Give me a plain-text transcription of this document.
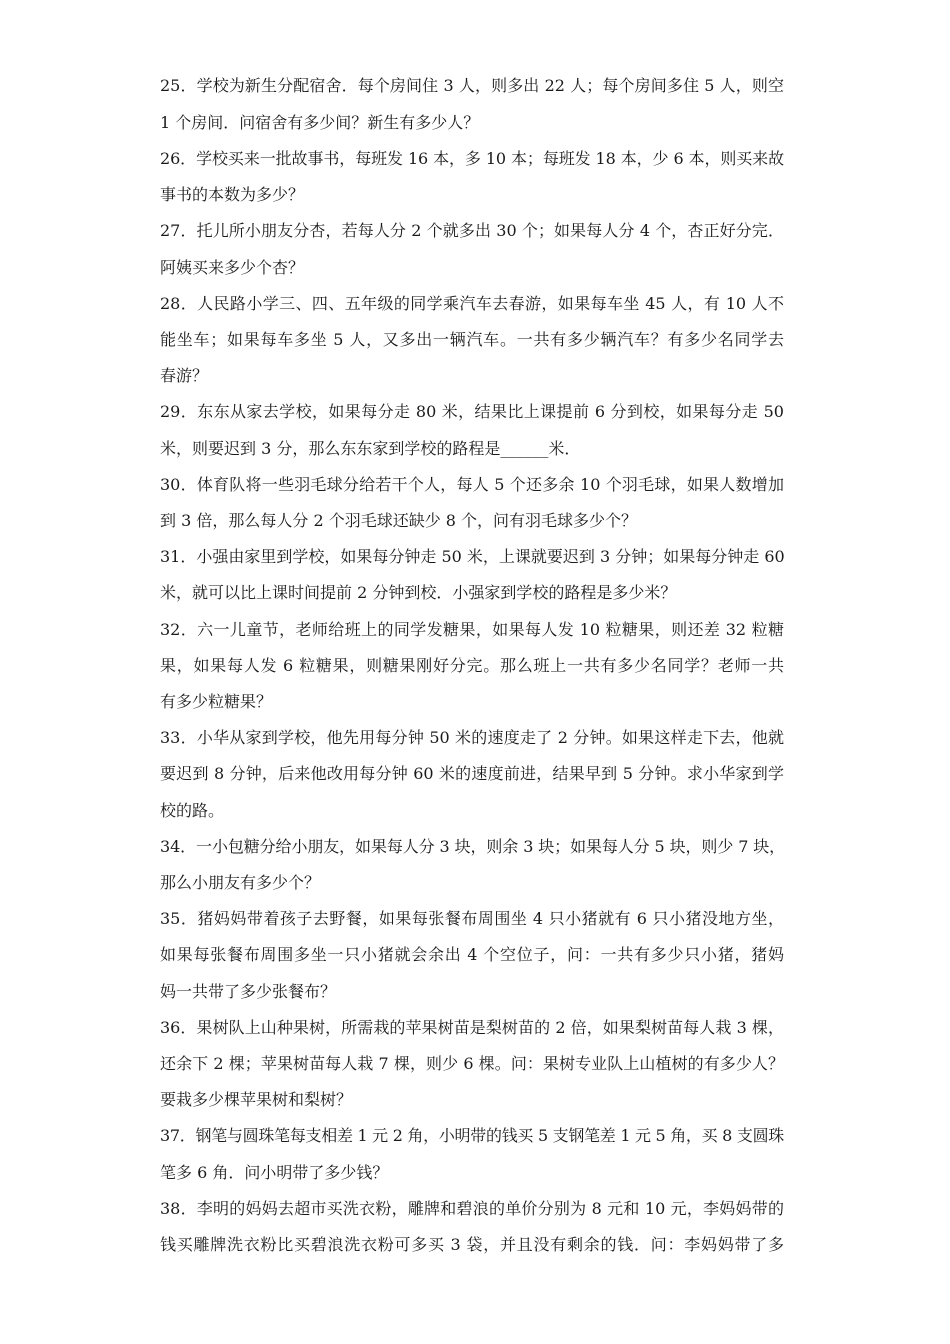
25．学校为新生分配宿舍．每个房间住 3 人，则多出 22 人；每个房间多住 5 人，则空
1 个房间．问宿舍有多少间？新生有多少人？
26．学校买来一批故事书，每班发 16 本，多 10 本；每班发 18 本，少 6 本，则买来故
事书的本数为多少？
27．托儿所小朋友分杏，若每人分 2 个就多出 30 个；如果每人分 4 个，杏正好分完．
阿姨买来多少个杏？
28．人民路小学三、四、五年级的同学乘汽车去春游，如果每车坐 45 人，有 10 人不
能坐车；如果每车多坐 5 人，又多出一辆汽车。一共有多少辆汽车？有多少名同学去
春游？
29．东东从家去学校，如果每分走 80 米，结果比上课提前 6 分到校，如果每分走 50
米，则要迟到 3 分，那么东东家到学校的路程是______米．
30．体育队将一些羽毛球分给若干个人，每人 5 个还多余 10 个羽毛球，如果人数增加
到 3 倍，那么每人分 2 个羽毛球还缺少 8 个，问有羽毛球多少个？
31．小强由家里到学校，如果每分钟走 50 米，上课就要迟到 3 分钟；如果每分钟走 60
米，就可以比上课时间提前 2 分钟到校．小强家到学校的路程是多少米？
32．六一儿童节，老师给班上的同学发糖果，如果每人发 10 粒糖果，则还差 32 粒糖
果，如果每人发 6 粒糖果，则糖果刚好分完。那么班上一共有多少名同学？老师一共
有多少粒糖果？
33．小华从家到学校，他先用每分钟 50 米的速度走了 2 分钟。如果这样走下去，他就
要迟到 8 分钟，后来他改用每分钟 60 米的速度前进，结果早到 5 分钟。求小华家到学
校的路。
34．一小包糖分给小朋友，如果每人分 3 块，则余 3 块；如果每人分 5 块，则少 7 块，
那么小朋友有多少个？
35．猪妈妈带着孩子去野餐，如果每张餐布周围坐 4 只小猪就有 6 只小猪没地方坐，
如果每张餐布周围多坐一只小猪就会余出 4 个空位子，问：一共有多少只小猪，猪妈
妈一共带了多少张餐布？
36．果树队上山种果树，所需栽的苹果树苗是梨树苗的 2 倍，如果梨树苗每人栽 3 棵，
还余下 2 棵；苹果树苗每人栽 7 棵，则少 6 棵。问：果树专业队上山植树的有多少人？
要栽多少棵苹果树和梨树？
37．钢笔与圆珠笔每支相差 1 元 2 角，小明带的钱买 5 支钢笔差 1 元 5 角，买 8 支圆珠
笔多 6 角．问小明带了多少钱？
38．李明的妈妈去超市买洗衣粉，雕牌和碧浪的单价分别为 8 元和 10 元，李妈妈带的
钱买雕牌洗衣粉比买碧浪洗衣粉可多买 3 袋，并且没有剩余的钱．问：李妈妈带了多
